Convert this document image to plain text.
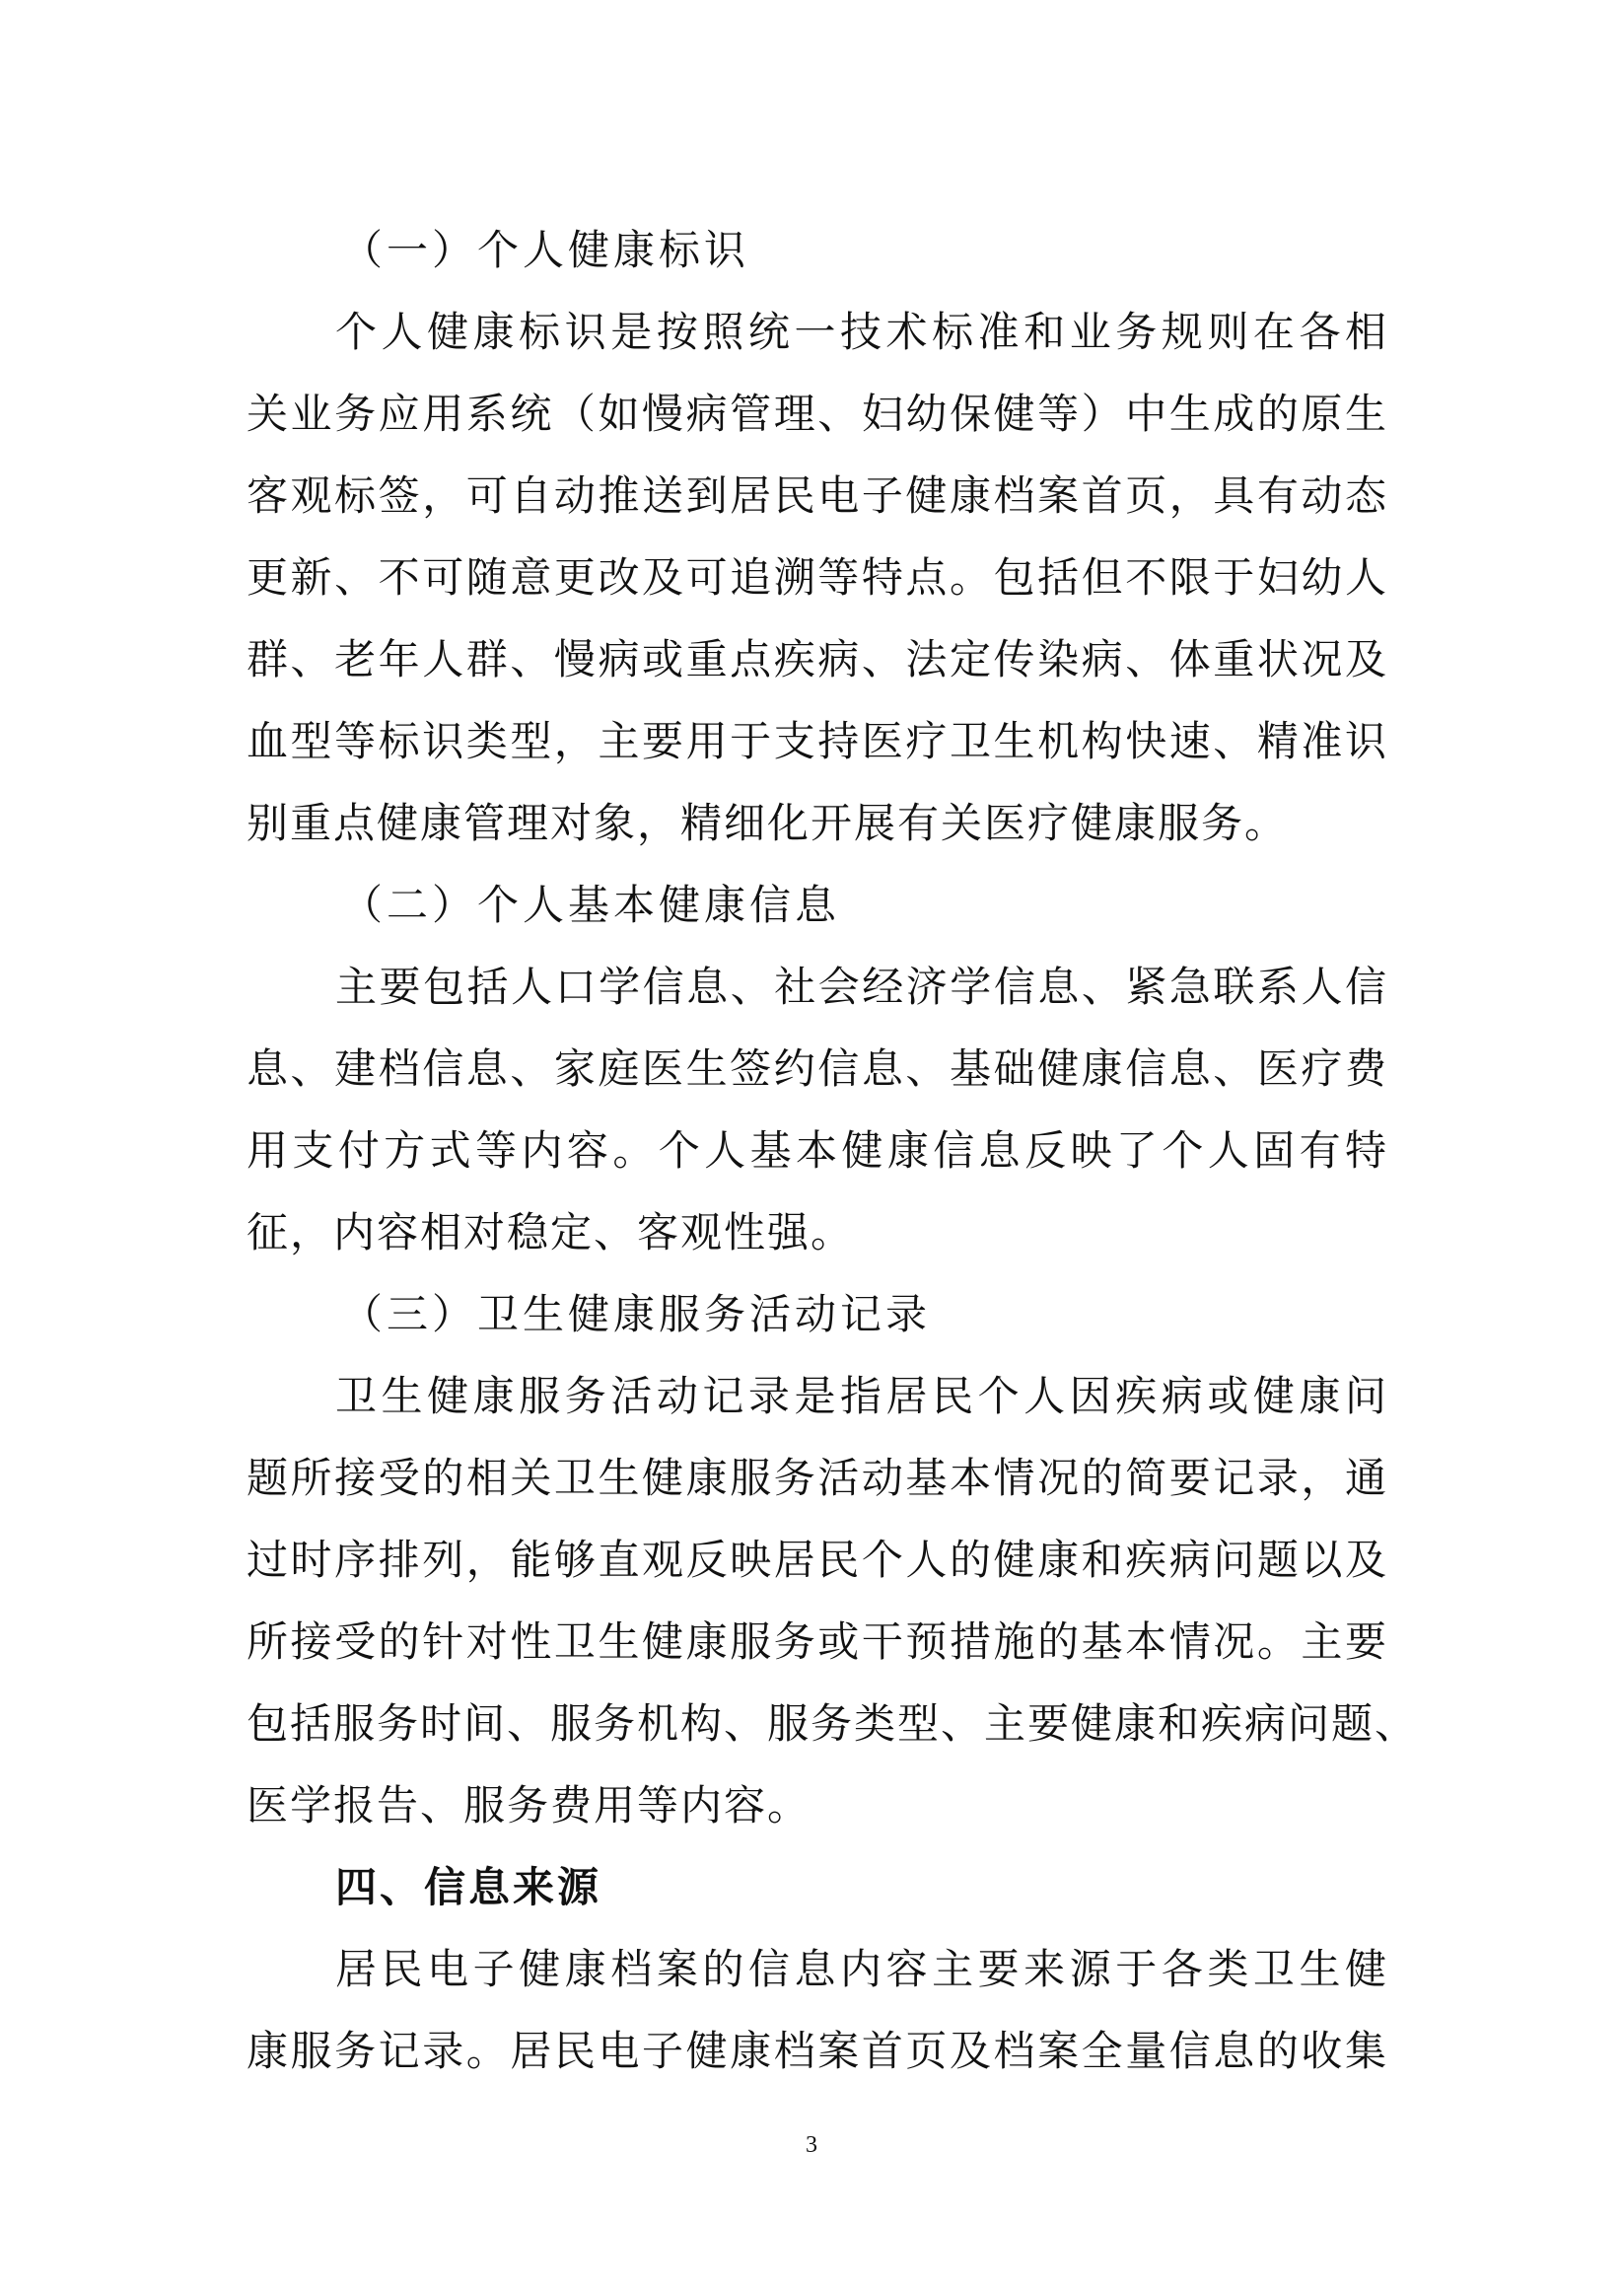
（一）个人健康标识

个人健康标识是按照统一技术标准和业务规则在各相
关业务应用系统（如慢病管理、妇幼保健等）中生成的原生
客观标签，可自动推送到居民电子健康档案首页，具有动态
更新、不可随意更改及可追溯等特点。包括但不限于妇幼人
群、老年人群、慢病或重点疾病、法定传染病、体重状况及
血型等标识类型，主要用于支持医疗卫生机构快速、精准识
别重点健康管理对象，精细化开展有关医疗健康服务。

（二）个人基本健康信息

主要包括人口学信息、社会经济学信息、紧急联系人信
息、建档信息、家庭医生签约信息、基础健康信息、医疗费
用支付方式等内容。个人基本健康信息反映了个人固有特
征，内容相对稳定、客观性强。

（三）卫生健康服务活动记录

卫生健康服务活动记录是指居民个人因疾病或健康问
题所接受的相关卫生健康服务活动基本情况的简要记录，通
过时序排列，能够直观反映居民个人的健康和疾病问题以及
所接受的针对性卫生健康服务或干预措施的基本情况。主要
包括服务时间、服务机构、服务类型、主要健康和疾病问题、
医学报告、服务费用等内容。

四、信息来源

居民电子健康档案的信息内容主要来源于各类卫生健
康服务记录。居民电子健康档案首页及档案全量信息的收集
3
